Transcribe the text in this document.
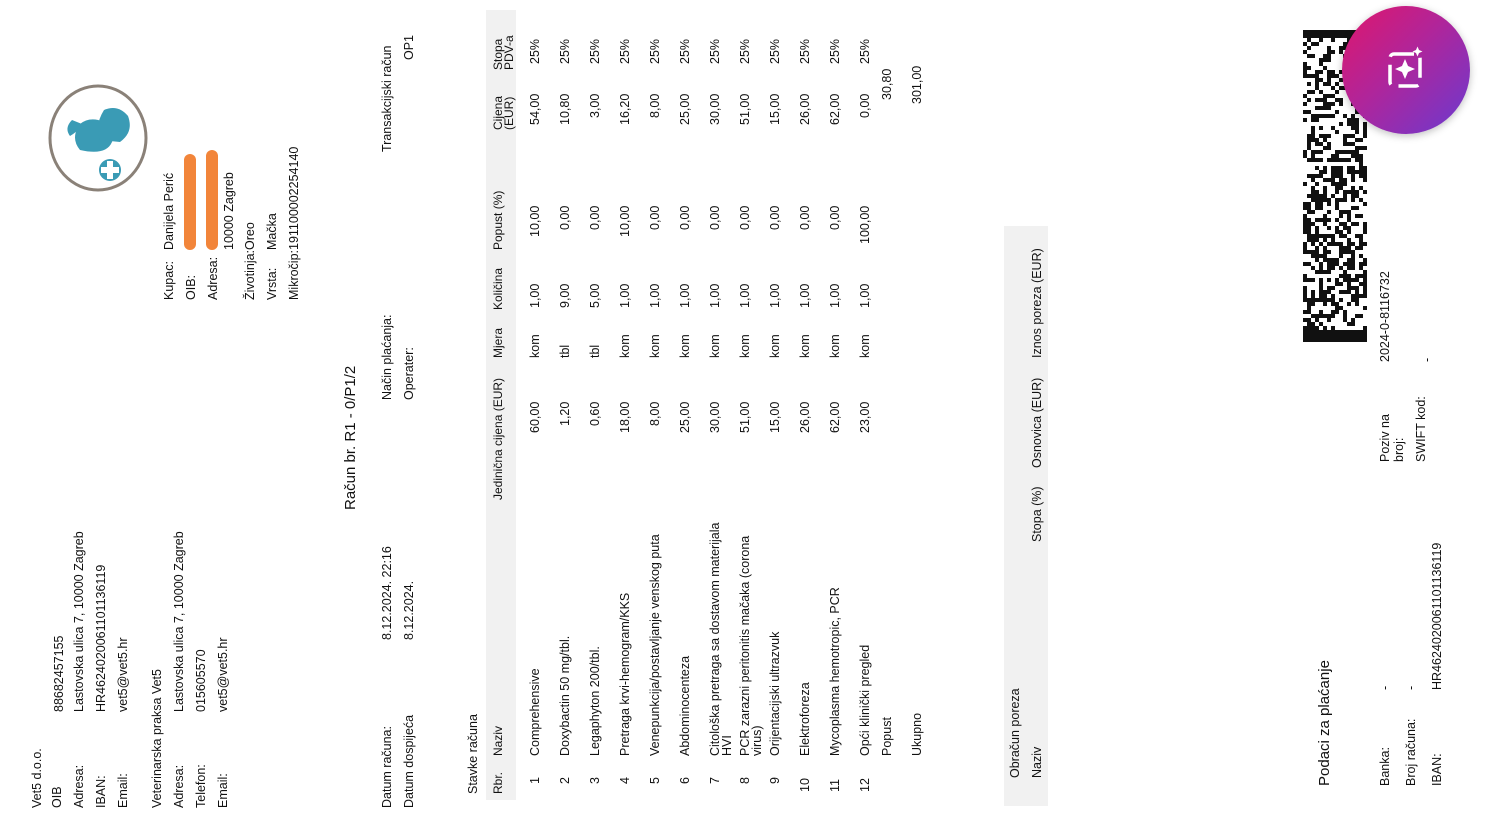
Vet5 d.o.o. OIB
88682457155
Adresa:
Lastovska ulica 7, 10000 Zagreb
IBAN:
HR4624020061101136119
Email:
vet5@vet5.hr Veterinarska praksa Vet5 Adresa:
Lastovska ulica 7, 10000 Zagreb
Telefon:
015605570
Email:
vet5@vet5.hr
Kupac:
Danijela Perić
OIB: Adresa:
10000 Zagreb
Životinja:
Oreo
Vrsta:
Mačka
Mikročip:
191100002254140
Račun br. R1 - 0/P1/2
Datum računa:
8.12.2024. 22:16
Datum dospijeća
8.12.2024.
Način plaćanja:
Transakcijski račun
Operater:
OP1
Stavke računa Rbr.
Naziv
Jedinična cijena (EUR)
Mjera
Količina
Popust (%)
Cijena
(EUR)
Stopa
PDV-a
1
Comprehensive
60,00
kom
1,00
10,00
54,00
25%
2
Doxybactin 50 mg/tbl.
1,20
tbl
9,00
0,00
10,80
25%
3
Legaphyton 200/tbl.
0,60
tbl
5,00
0,00
3,00
25%
4
Pretraga krvi-hemogram/KKS
18,00
kom
1,00
10,00
16,20
25%
5
Venepunkcija/postavljanje venskog puta
8,00
kom
1,00
0,00
8,00
25%
6
Abdominocenteza
25,00
kom
1,00
0,00
25,00
25%
7
Citološka pretraga sa dostavom materijala
30,00
kom
1,00
0,00
30,00
25%
HVI
8
PCR zarazni peritonitis mačaka (corona
51,00
kom
1,00
0,00
51,00
25%
virus)
9
Orijentacijski ultrazvuk
15,00
kom
1,00
0,00
15,00
25%
10
Elektroforeza
26,00
kom
1,00
0,00
26,00
25%
11
Mycoplasma hemotropic, PCR
62,00
kom
1,00
0,00
62,00
25%
12
Opći klinički pregled
23,00
kom
1,00
100,00
0,00
25%
Popust
30,80
Ukupno
301,00
Obračun poreza Naziv
Stopa (%)
Osnovica (EUR)
Iznos poreza (EUR)
Podaci za plaćanje	Banka:
-
Broj računa:
-
IBAN:
HR4624020061101136119
Poziv na broj:
2024-0-8116732
SWIFT kod:
-
